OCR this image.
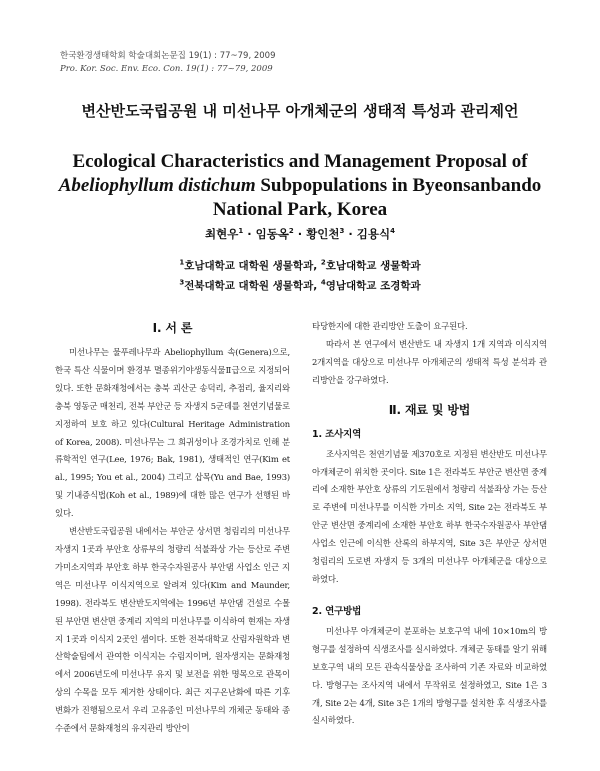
한국환경생태학회 학술대회논문집 19(1) : 77~79, 2009
Pro. Kor. Soc. Env. Eco. Con. 19(1) : 77~79, 2009
변산반도국립공원 내 미선나무 아개체군의 생태적 특성과 관리제언
Ecological Characteristics and Management Proposal of
Abeliophyllum distichum Subpopulations in Byeonsanbando National Park, Korea
최현우$^1$ · 임동옥$^2$ · 황인천$^3$ · 김용식$^4$
$^1$호남대학교 대학원 생물학과, $^2$호남대학교 생물학과
$^3$전북대학교 대학원 생물학과, $^4$영남대학교 조경학과
Ⅰ. 서 론

미선나무는 물푸레나무과 Abeliophyllum 속(Genera)으로, 한국 특산 식물이며 환경부 멸종위기야생동식물Ⅱ급으로 지정되어 있다. 또한 문화재청에서는 충북 괴산군 송덕리, 추점리, 율지리와 충북 영동군 매천리, 전북 부안군 등 자생지 5군데를 천연기념물로 지정하여 보호 하고 있다(Cultural Heritage Administration of Korea, 2008). 미선나무는 그 희귀성이나 조경가치로 인해 분류학적인 연구(Lee, 1976; Bak, 1981), 생태적인 연구(Kim et al., 1995; You et al., 2004) 그리고 삽목(Yu and Bae, 1993) 및 기내증식법(Koh et al., 1989)에 대한 많은 연구가 선행된 바 있다.

변산반도국립공원 내에서는 부안군 상서면 청림리의 미선나무 자생지 1곳과 부안호 상류부의 청량리 석불좌상 가는 등산로 주변 가미소지역과 부안호 하부 한국수자원공사 부안댐 사업소 인근 지역은 미선나무 이식지역으로 알려져 있다(Kim and Maunder, 1998). 전라북도 변산반도지역에는 1996년 부안댐 건설로 수몰된 부안면 변산면 중계리 지역의 미선나무를 이식하여 현재는 자생지 1곳과 이식지 2곳인 셈이다. 또한 전북대학교 산림자원학과 변산학술팀에서 관여한 이식지는 수림지이며, 원자생지는 문화재청에서 2006년도에 미선나무 유지 및 보전을 위한 명목으로 관목이상의 수목을 모두 제거한 상태이다. 최근 지구온난화에 따른 기후변화가 진행됨으로서 우리 고유종인 미선나무의 개체군 동태와 종 수준에서 문화재청의 유지관리 방안이

타당한지에 대한 관리방안 도출이 요구된다.

따라서 본 연구에서 변산반도 내 자생지 1개 지역과 이식지역 2개지역을 대상으로 미선나무 아개체군의 생태적 특성 분석과 관리방안을 강구하였다.

Ⅱ. 재료 및 방법
1. 조사지역

조사지역은 천연기념물 제370호로 지정된 변산반도 미선나무 아개체군이 위치한 곳이다. Site 1은 전라북도 부안군 변산면 중계리에 소재한 부안호 상류의 기도원에서 청량리 석불좌상 가는 등산로 주변에 미선나무를 이식한 가미소 지역, Site 2는 전라북도 부안군 변산면 중계리에 소재한 부안호 하부 한국수자원공사 부안댐 사업소 인근에 이식한 산록의 하부지역, Site 3은 부안군 상서면 청림리의 도로변 자생지 등 3개의 미선나무 아개체군을 대상으로 하였다.

2. 연구방법

미선나무 아개체군이 분포하는 보호구역 내에 10×10m의 방형구를 설정하여 식생조사를 실시하였다. 개체군 동태를 알기 위해 보호구역 내의 모든 관속식물상을 조사하여 기존 자료와 비교하였다. 방형구는 조사지역 내에서 무작위로 설정하였고, Site 1은 3개, Site 2는 4개, Site 3은 1개의 방형구를 설치한 후 식생조사를 실시하였다.
